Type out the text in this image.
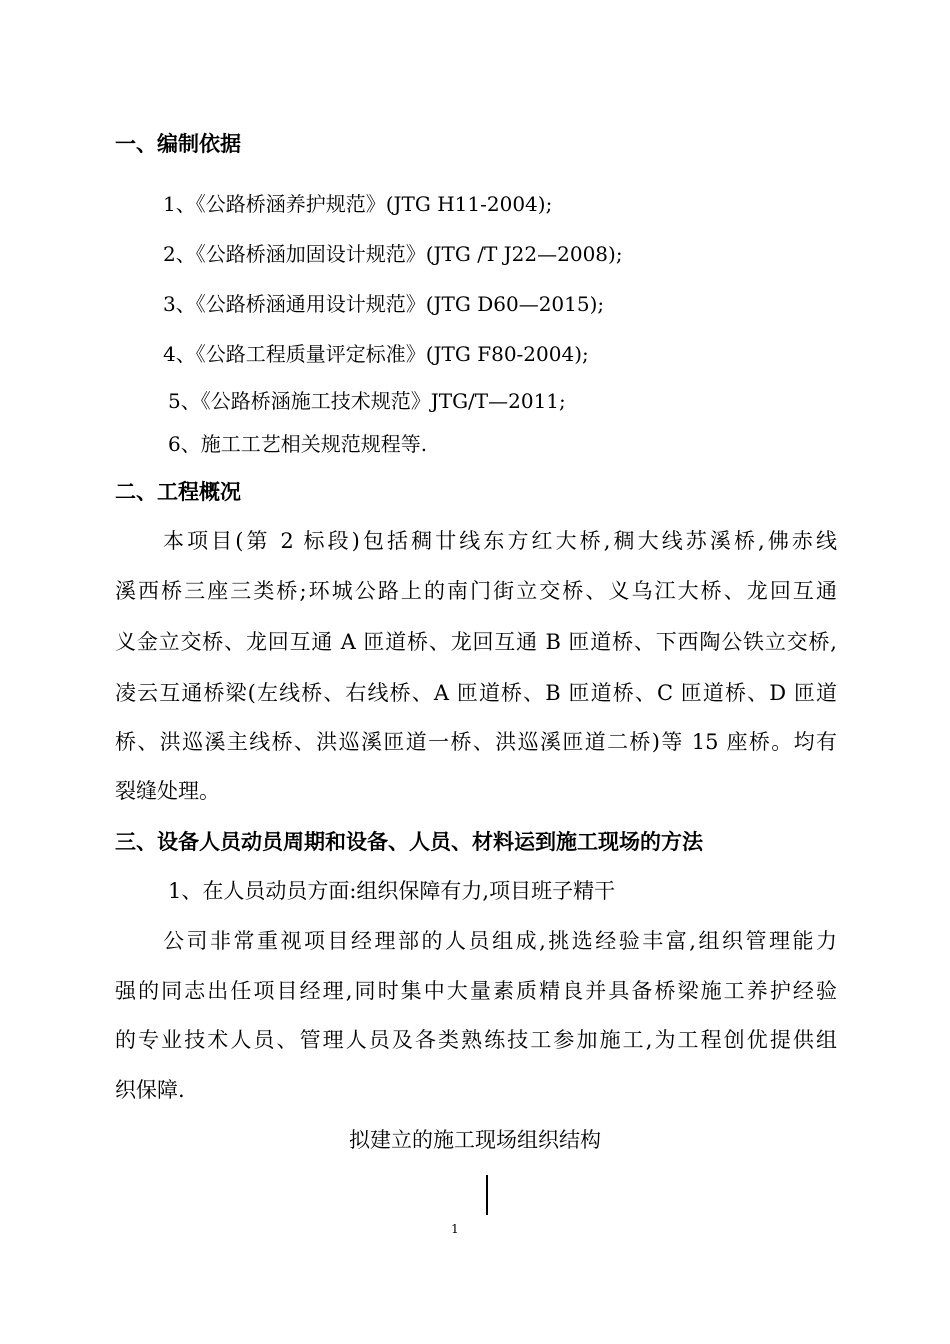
一、编制依据
1、《公路桥涵养护规范》(JTG H11-2004);
2、《公路桥涵加固设计规范》(JTG /T J22—2008);
3、《公路桥涵通用设计规范》(JTG D60—2015);
4、《公路工程质量评定标准》(JTG F80-2004);
5、《公路桥涵施工技术规范》JTG/T—2011;
6、施工工艺相关规范规程等.
二、工程概况
本项目(第 2 标段)包括稠廿线东方红大桥,稠大线苏溪桥,佛赤线
溪西桥三座三类桥;环城公路上的南门街立交桥、义乌江大桥、龙回互通
义金立交桥、龙回互通 A 匝道桥、龙回互通 B 匝道桥、下西陶公铁立交桥,
凌云互通桥梁(左线桥、右线桥、A 匝道桥、B 匝道桥、C 匝道桥、D 匝道
桥、洪巡溪主线桥、洪巡溪匝道一桥、洪巡溪匝道二桥)等 15 座桥。均有
裂缝处理。
三、设备人员动员周期和设备、人员、材料运到施工现场的方法
1、在人员动员方面:组织保障有力,项目班子精干
公司非常重视项目经理部的人员组成,挑选经验丰富,组织管理能力
强的同志出任项目经理,同时集中大量素质精良并具备桥梁施工养护经验
的专业技术人员、管理人员及各类熟练技工参加施工,为工程创优提供组
织保障.
拟建立的施工现场组织结构
1
